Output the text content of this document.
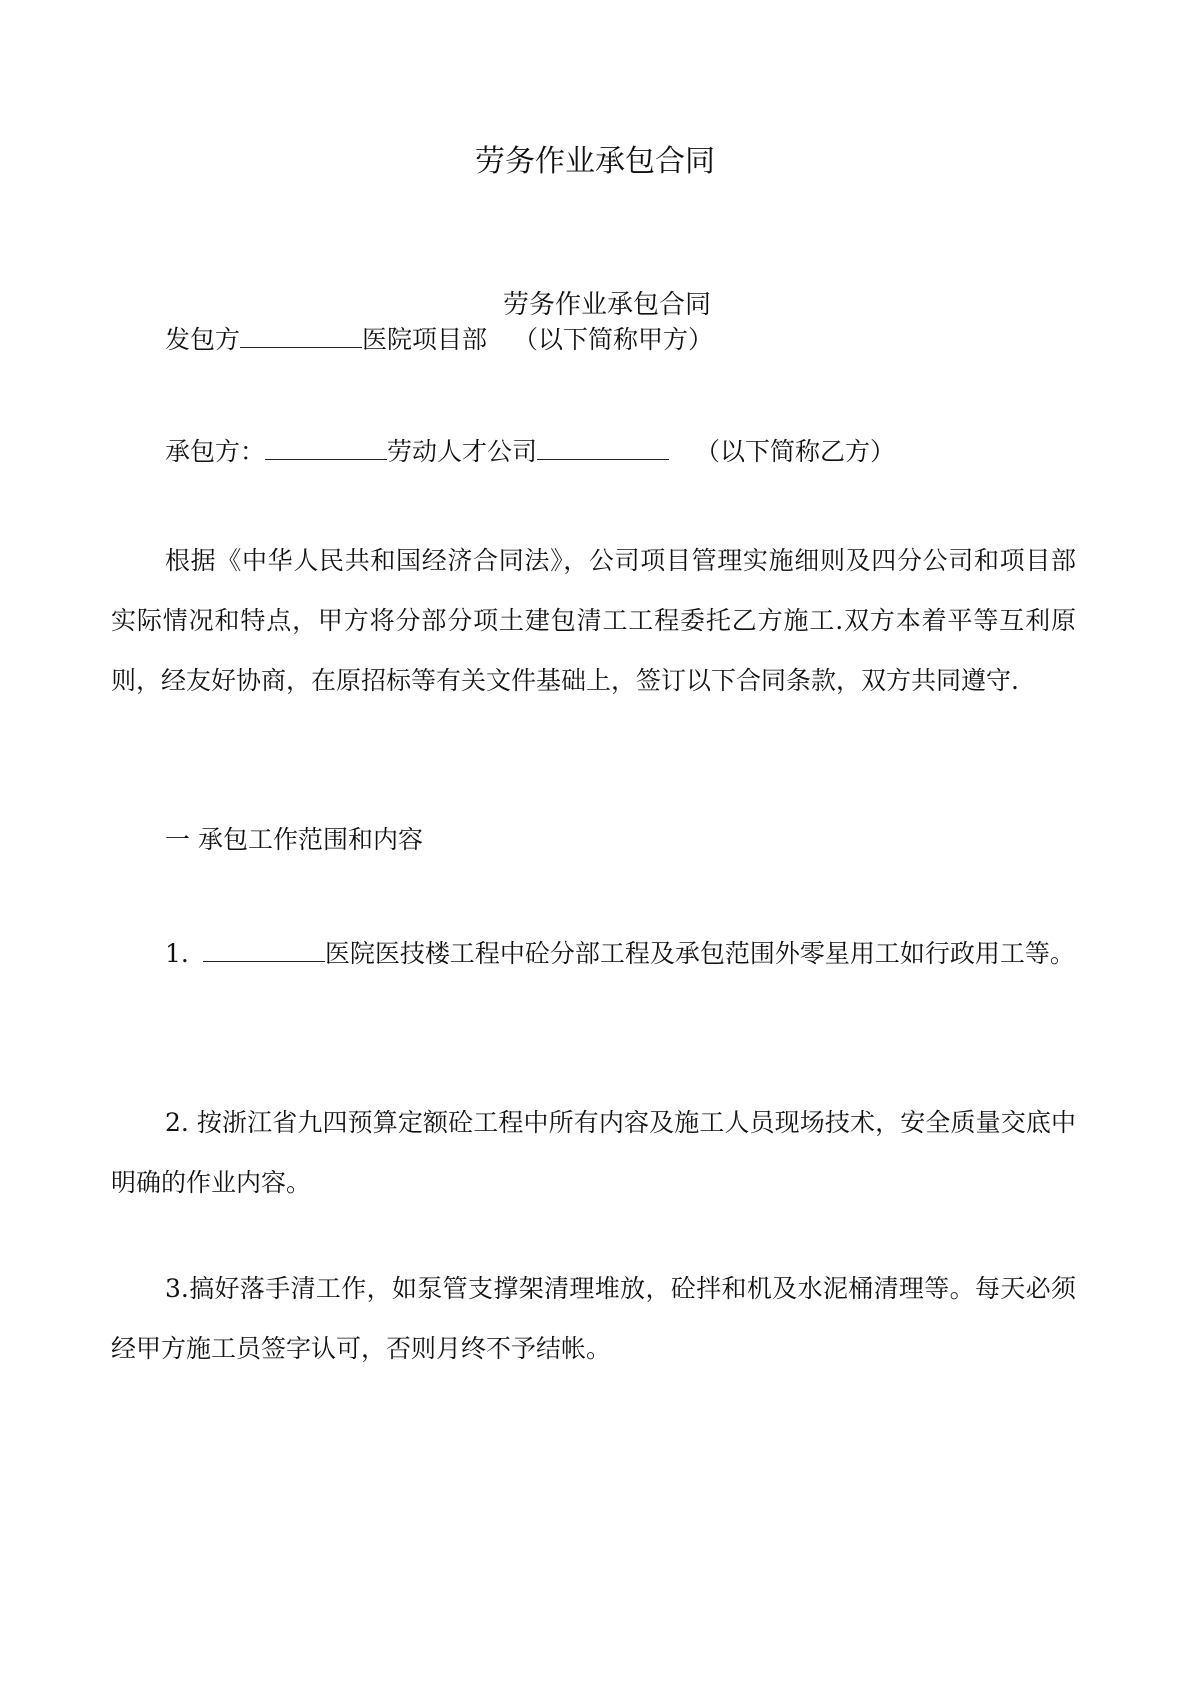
劳务作业承包合同
劳务作业承包合同
发包方	医院项目部 （以下简称甲方）
承包方：	劳动人才公司	（以下简称乙方）

根据《中华人民共和国经济合同法》，公司项目管理实施细则及四分公司和项目部实际情况和特点，甲方将分部分项土建包清工工程委托乙方施工.双方本着平等互利原则，经友好协商，在原招标等有关文件基础上，签订以下合同条款，双方共同遵守.

一 承包工作范围和内容

1.	医院医技楼工程中砼分部工程及承包范围外零星用工如行政用工等。

2. 按浙江省九四预算定额砼工程中所有内容及施工人员现场技术，安全质量交底中明确的作业内容。

3.搞好落手清工作，如泵管支撑架清理堆放，砼拌和机及水泥桶清理等。每天必须经甲方施工员签字认可，否则月终不予结帐。
